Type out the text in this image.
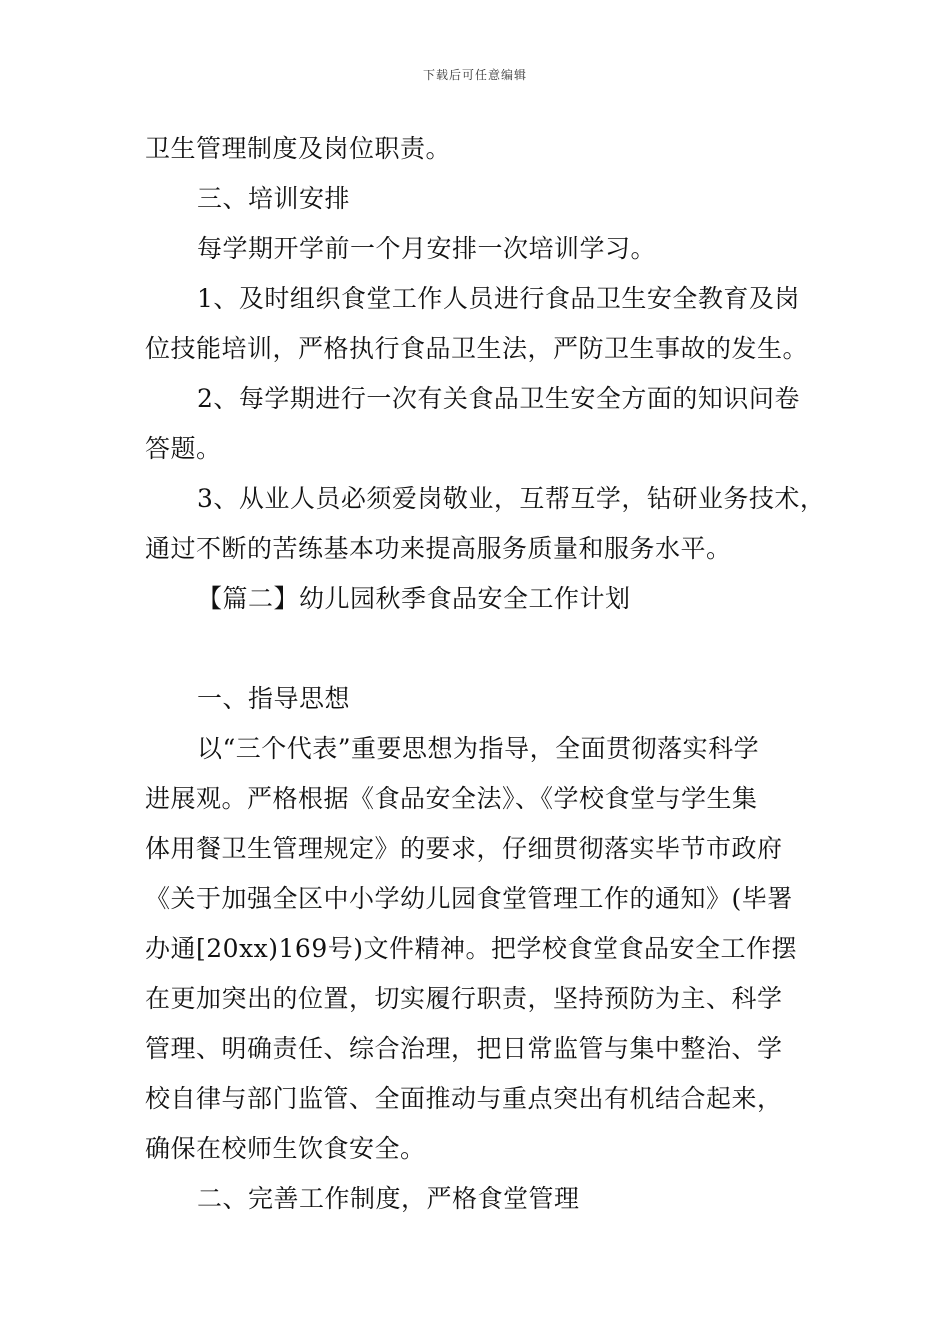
下载后可任意编辑
卫生管理制度及岗位职责。
三、培训安排
每学期开学前一个月安排一次培训学习。
1、及时组织食堂工作人员进行食品卫生安全教育及岗
位技能培训，严格执行食品卫生法，严防卫生事故的发生。
2、每学期进行一次有关食品卫生安全方面的知识问卷
答题。
3、从业人员必须爱岗敬业，互帮互学，钻研业务技术，
通过不断的苦练基本功来提高服务质量和服务水平。
【篇二】幼儿园秋季食品安全工作计划
一、指导思想
以“三个代表”重要思想为指导，全面贯彻落实科学
进展观。严格根据《食品安全法》、《学校食堂与学生集
体用餐卫生管理规定》的要求，仔细贯彻落实毕节市政府
《关于加强全区中小学幼儿园食堂管理工作的通知》(毕署
办通[20xx)169号)文件精神。把学校食堂食品安全工作摆
在更加突出的位置，切实履行职责，坚持预防为主、科学
管理、明确责任、综合治理，把日常监管与集中整治、学
校自律与部门监管、全面推动与重点突出有机结合起来，
确保在校师生饮食安全。
二、完善工作制度，严格食堂管理
